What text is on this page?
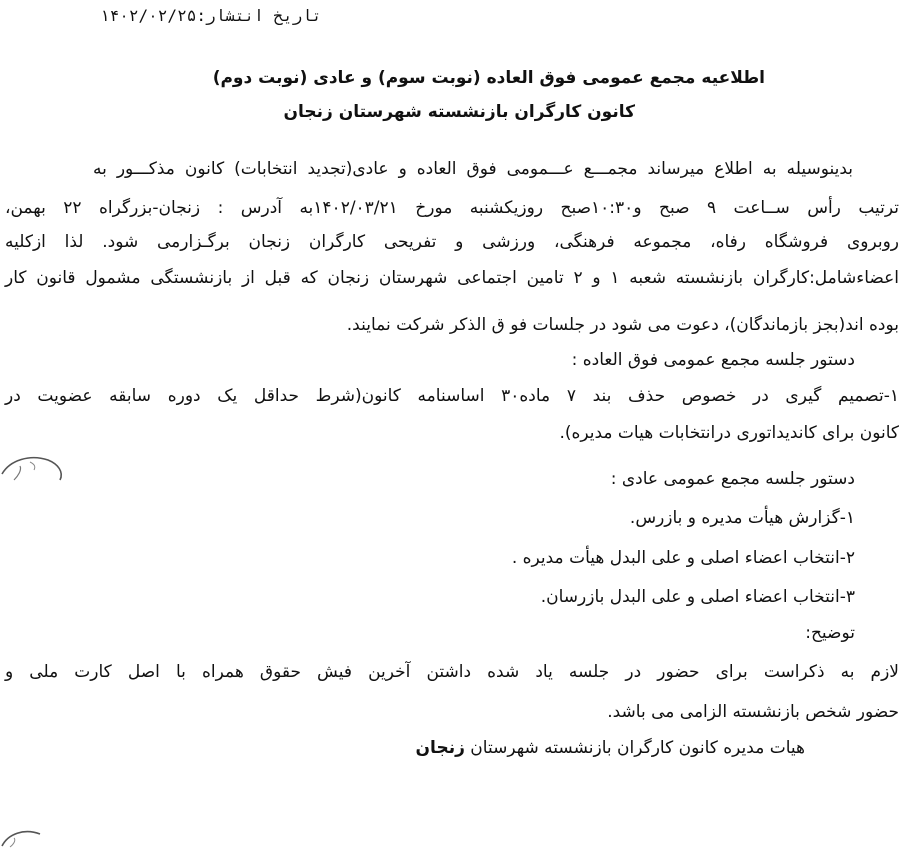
تاریخ انتشار:۱۴۰۲/۰۲/۲۵
اطلاعیه مجمع عمومی فوق العاده (نوبت سوم) و عادی (نوبت دوم)
کانون کارگران بازنشسته شهرستان زنجان
بدینوسیله به اطلاع میرساند مجمـــع عـــمومی فوق العاده و عادی(تجدید انتخابات) کانون مذکـــور به
ترتیب رأس ســاعت ۹ صبح و۱۰:۳۰صبح روزیکشنبه مورخ ۱۴۰۲/۰۳/۲۱به آدرس : زنجان-بزرگراه ۲۲ بهمن،
روبروی فروشگاه رفاه، مجموعه فرهنگی، ورزشی و تفریحی کارگران زنجان برگـزارمی شود. لذا ازکلیه
اعضاءشامل:کارگران بازنشسته شعبه ۱ و ۲ تامین اجتماعی شهرستان زنجان که قبل از بازنشستگی مشمول قانون کار
بوده اند(بجز بازماندگان)، دعوت می شود در جلسات فو ق الذکر شرکت نمایند.
دستور جلسه مجمع عمومی فوق العاده :
۱-تصمیم گیری در خصوص حذف بند ۷ ماده۳۰ اساسنامه کانون(شرط حداقل یک دوره سابقه عضویت در
کانون برای کاندیداتوری درانتخابات هیات مدیره).
دستور جلسه مجمع عمومی عادی :
۱-گزارش هیأت مدیره و بازرس.
۲-انتخاب اعضاء اصلی و علی البدل هیأت مدیره .
۳-انتخاب اعضاء اصلی و علی البدل بازرسان.
توضیح:
لازم به ذکراست برای حضور در جلسه یاد شده داشتن آخرین فیش حقوق همراه با اصل کارت ملی و
حضور شخص بازنشسته الزامی می باشد.
هیات مدیره کانون کارگران بازنشسته شهرستان زنجان
